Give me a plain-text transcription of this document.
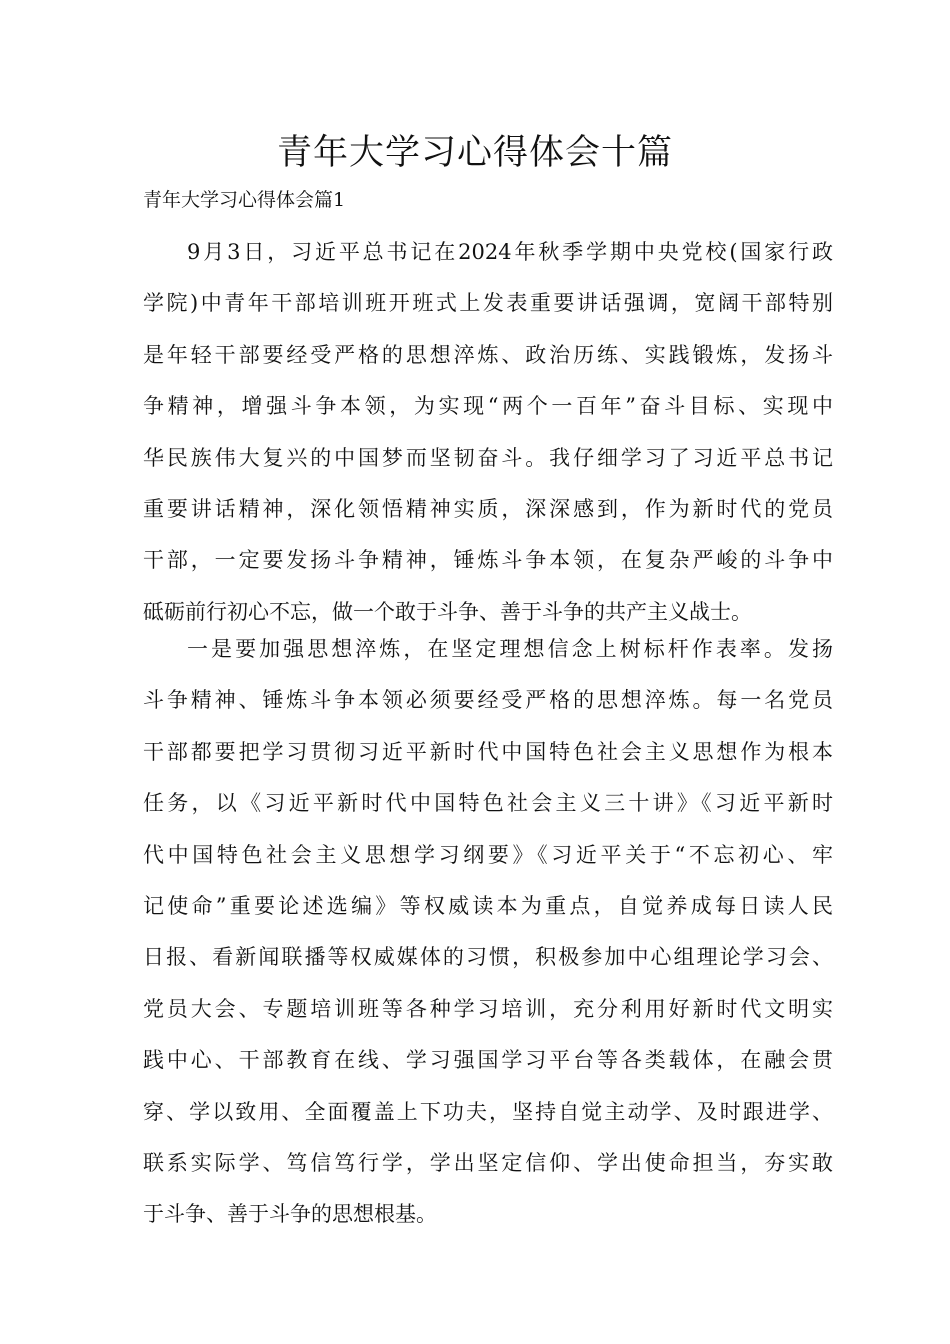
青年大学习心得体会十篇
青年大学习心得体会篇1
9月3日，习近平总书记在2024年秋季学期中央党校(国家行政
学院)中青年干部培训班开班式上发表重要讲话强调，宽阔干部特别
是年轻干部要经受严格的思想淬炼、政治历练、实践锻炼，发扬斗
争精神，增强斗争本领，为实现“两个一百年”奋斗目标、实现中
华民族伟大复兴的中国梦而坚韧奋斗。我仔细学习了习近平总书记
重要讲话精神，深化领悟精神实质，深深感到，作为新时代的党员
干部，一定要发扬斗争精神，锤炼斗争本领，在复杂严峻的斗争中
砥砺前行初心不忘，做一个敢于斗争、善于斗争的共产主义战士。
一是要加强思想淬炼，在坚定理想信念上树标杆作表率。发扬
斗争精神、锤炼斗争本领必须要经受严格的思想淬炼。每一名党员
干部都要把学习贯彻习近平新时代中国特色社会主义思想作为根本
任务，以《习近平新时代中国特色社会主义三十讲》《习近平新时
代中国特色社会主义思想学习纲要》《习近平关于“不忘初心、牢
记使命”重要论述选编》等权威读本为重点，自觉养成每日读人民
日报、看新闻联播等权威媒体的习惯，积极参加中心组理论学习会、
党员大会、专题培训班等各种学习培训，充分利用好新时代文明实
践中心、干部教育在线、学习强国学习平台等各类载体，在融会贯
穿、学以致用、全面覆盖上下功夫，坚持自觉主动学、及时跟进学、
联系实际学、笃信笃行学，学出坚定信仰、学出使命担当，夯实敢
于斗争、善于斗争的思想根基。
